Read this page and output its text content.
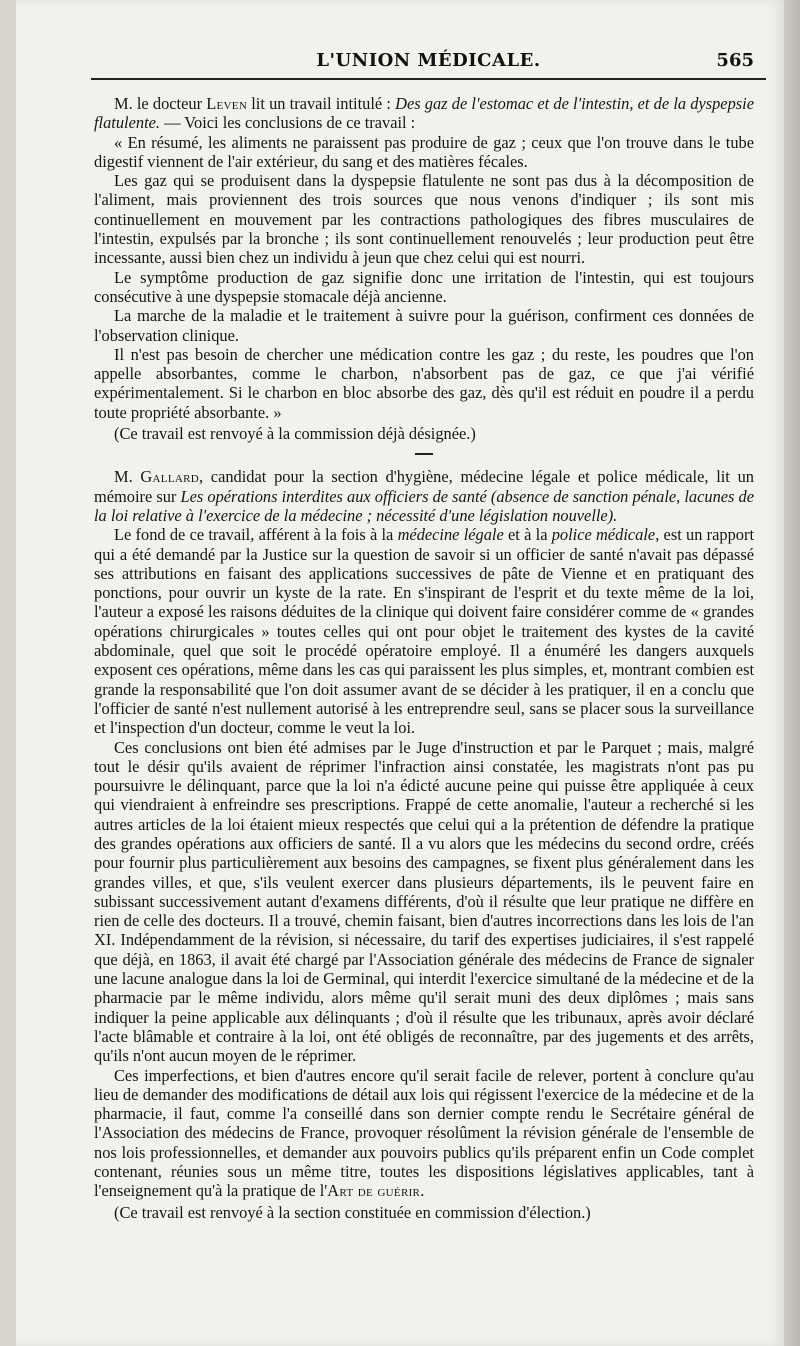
L'UNION MÉDICALE.	565

M. le docteur Leven lit un travail intitulé : Des gaz de l'estomac et de l'intestin, et de la dyspepsie flatulente. — Voici les conclusions de ce travail :

« En résumé, les aliments ne paraissent pas produire de gaz ; ceux que l'on trouve dans le tube digestif viennent de l'air extérieur, du sang et des matières fécales.

Les gaz qui se produisent dans la dyspepsie flatulente ne sont pas dus à la décomposition de l'aliment, mais proviennent des trois sources que nous venons d'indiquer ; ils sont mis continuellement en mouvement par les contractions pathologiques des fibres musculaires de l'intestin, expulsés par la bronche ; ils sont continuellement renouvelés ; leur production peut être incessante, aussi bien chez un individu à jeun que chez celui qui est nourri.

Le symptôme production de gaz signifie donc une irritation de l'intestin, qui est toujours consécutive à une dyspepsie stomacale déjà ancienne.

La marche de la maladie et le traitement à suivre pour la guérison, confirment ces données de l'observation clinique.

Il n'est pas besoin de chercher une médication contre les gaz ; du reste, les poudres que l'on appelle absorbantes, comme le charbon, n'absorbent pas de gaz, ce que j'ai vérifié expérimentalement. Si le charbon en bloc absorbe des gaz, dès qu'il est réduit en poudre il a perdu toute propriété absorbante. »

(Ce travail est renvoyé à la commission déjà désignée.)

M. Gallard, candidat pour la section d'hygiène, médecine légale et police médicale, lit un mémoire sur Les opérations interdites aux officiers de santé (absence de sanction pénale, lacunes de la loi relative à l'exercice de la médecine ; nécessité d'une législation nouvelle).

Le fond de ce travail, afférent à la fois à la médecine légale et à la police médicale, est un rapport qui a été demandé par la Justice sur la question de savoir si un officier de santé n'avait pas dépassé ses attributions en faisant des applications successives de pâte de Vienne et en pratiquant des ponctions, pour ouvrir un kyste de la rate. En s'inspirant de l'esprit et du texte même de la loi, l'auteur a exposé les raisons déduites de la clinique qui doivent faire considérer comme de « grandes opérations chirurgicales » toutes celles qui ont pour objet le traitement des kystes de la cavité abdominale, quel que soit le procédé opératoire employé. Il a énuméré les dangers auxquels exposent ces opérations, même dans les cas qui paraissent les plus simples, et, montrant combien est grande la responsabilité que l'on doit assumer avant de se décider à les pratiquer, il en a conclu que l'officier de santé n'est nullement autorisé à les entreprendre seul, sans se placer sous la surveillance et l'inspection d'un docteur, comme le veut la loi.

Ces conclusions ont bien été admises par le Juge d'instruction et par le Parquet ; mais, malgré tout le désir qu'ils avaient de réprimer l'infraction ainsi constatée, les magistrats n'ont pas pu poursuivre le délinquant, parce que la loi n'a édicté aucune peine qui puisse être appliquée à ceux qui viendraient à enfreindre ses prescriptions. Frappé de cette anomalie, l'auteur a recherché si les autres articles de la loi étaient mieux respectés que celui qui a la prétention de défendre la pratique des grandes opérations aux officiers de santé. Il a vu alors que les médecins du second ordre, créés pour fournir plus particulièrement aux besoins des campagnes, se fixent plus généralement dans les grandes villes, et que, s'ils veulent exercer dans plusieurs départements, ils le peuvent faire en subissant successivement autant d'examens différents, d'où il résulte que leur pratique ne diffère en rien de celle des docteurs. Il a trouvé, chemin faisant, bien d'autres incorrections dans les lois de l'an XI. Indépendamment de la révision, si nécessaire, du tarif des expertises judiciaires, il s'est rappelé que déjà, en 1863, il avait été chargé par l'Association générale des médecins de France de signaler une lacune analogue dans la loi de Germinal, qui interdit l'exercice simultané de la médecine et de la pharmacie par le même individu, alors même qu'il serait muni des deux diplômes ; mais sans indiquer la peine applicable aux délinquants ; d'où il résulte que les tribunaux, après avoir déclaré l'acte blâmable et contraire à la loi, ont été obligés de reconnaître, par des jugements et des arrêts, qu'ils n'ont aucun moyen de le réprimer.

Ces imperfections, et bien d'autres encore qu'il serait facile de relever, portent à conclure qu'au lieu de demander des modifications de détail aux lois qui régissent l'exercice de la médecine et de la pharmacie, il faut, comme l'a conseillé dans son dernier compte rendu le Secrétaire général de l'Association des médecins de France, provoquer résolûment la révision générale de l'ensemble de nos lois professionnelles, et demander aux pouvoirs publics qu'ils préparent enfin un Code complet contenant, réunies sous un même titre, toutes les dispositions législatives applicables, tant à l'enseignement qu'à la pratique de l'Art de guérir.

(Ce travail est renvoyé à la section constituée en commission d'élection.)
